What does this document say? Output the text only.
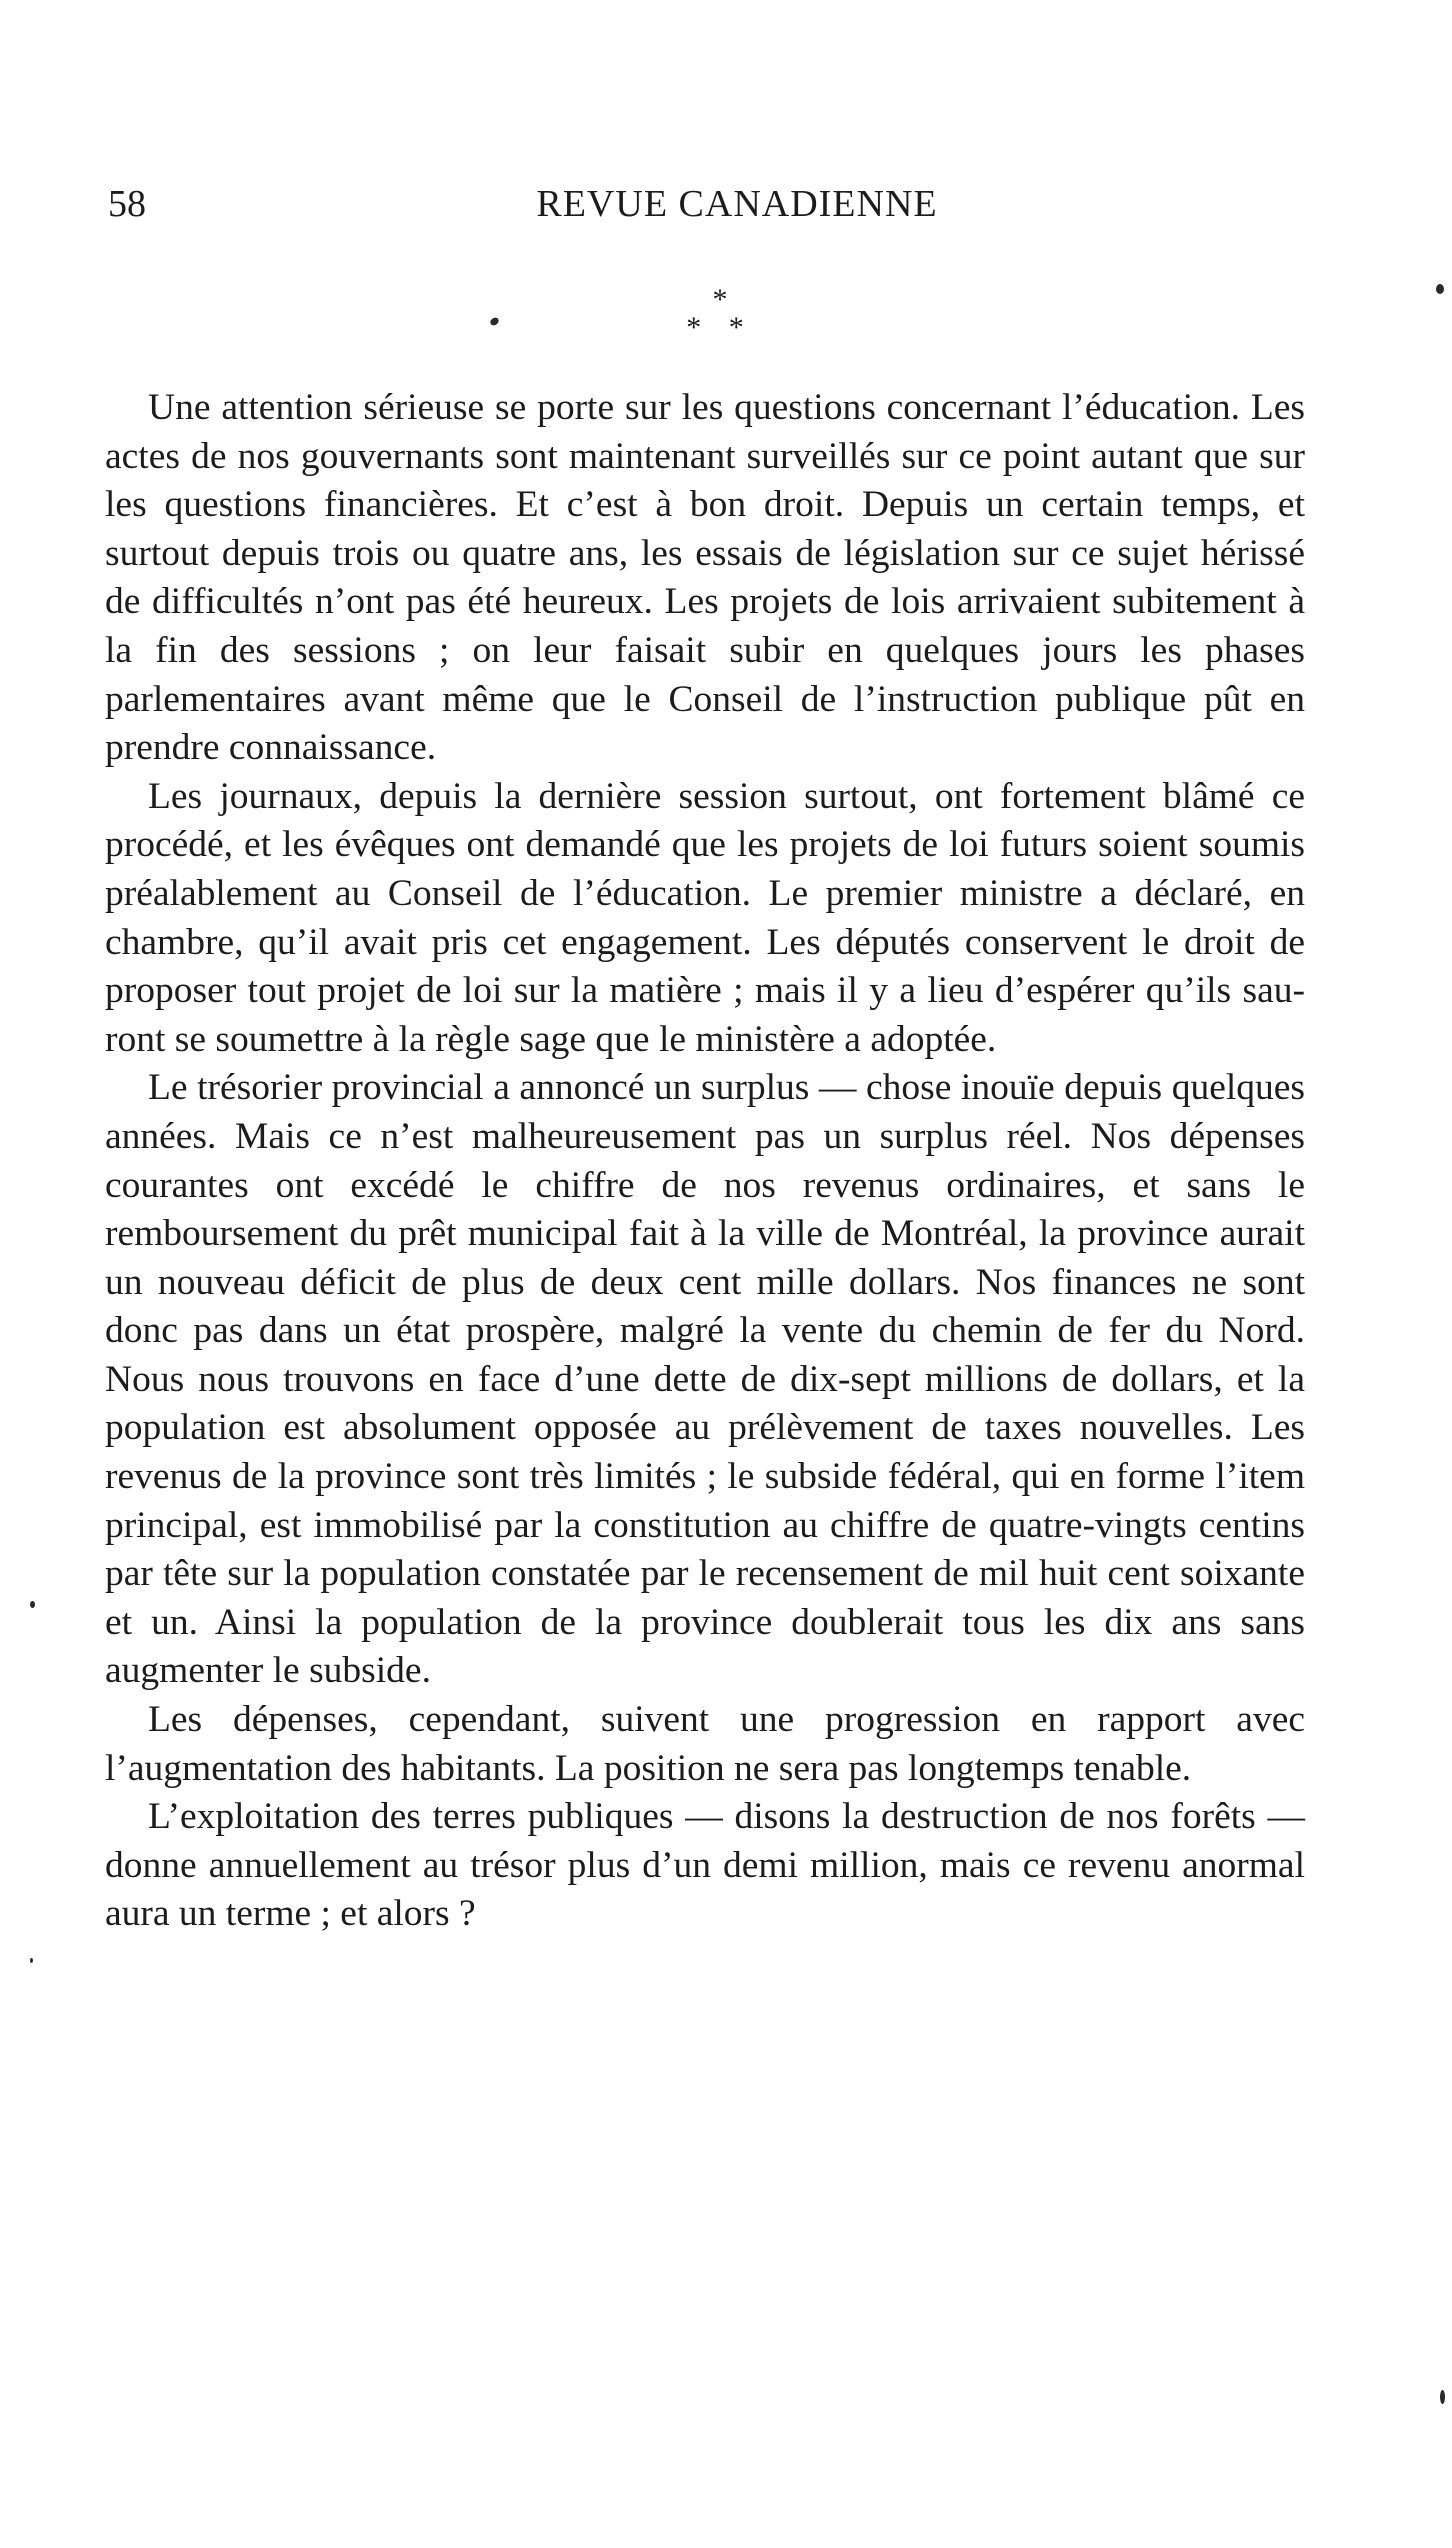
58	REVUE CANADIENNE
*
* *

Une attention sérieuse se porte sur les questions concernant l’éducation. Les actes de nos gouvernants sont maintenant surveillés sur ce point autant que sur les questions financières. Et c’est à bon droit. Depuis un certain temps, et surtout depuis trois ou quatre ans, les essais de législation sur ce sujet hérissé de difficultés n’ont pas été heureux. Les projets de lois arrivaient subitement à la fin des sessions ; on leur faisait subir en quelques jours les phases parlementaires avant même que le Conseil de l’instruction publique pût en prendre connaissance.

Les journaux, depuis la dernière session surtout, ont fortement blâmé ce procédé, et les évêques ont demandé que les projets de loi futurs soient soumis préalablement au Conseil de l’éducation. Le premier ministre a déclaré, en chambre, qu’il avait pris cet engagement. Les députés conservent le droit de proposer tout projet de loi sur la matière ; mais il y a lieu d’espérer qu’ils sauront se soumettre à la règle sage que le ministère a adoptée.

Le trésorier provincial a annoncé un surplus — chose inouïe depuis quelques années. Mais ce n’est malheureusement pas un surplus réel. Nos dépenses courantes ont excédé le chiffre de nos revenus ordinaires, et sans le remboursement du prêt municipal fait à la ville de Montréal, la province aurait un nouveau déficit de plus de deux cent mille dollars. Nos finances ne sont donc pas dans un état prospère, malgré la vente du chemin de fer du Nord. Nous nous trouvons en face d’une dette de dix-sept millions de dollars, et la population est absolument opposée au prélèvement de taxes nouvelles. Les revenus de la province sont très limités ; le subside fédéral, qui en forme l’item principal, est immobilisé par la constitution au chiffre de quatre-vingts centins par tête sur la population constatée par le recensement de mil huit cent soixante et un. Ainsi la population de la province doublerait tous les dix ans sans augmenter le subside.

Les dépenses, cependant, suivent une progression en rapport avec l’augmentation des habitants. La position ne sera pas longtemps tenable.

L’exploitation des terres publiques — disons la destruction de nos forêts — donne annuellement au trésor plus d’un demi million, mais ce revenu anormal aura un terme ; et alors ?
